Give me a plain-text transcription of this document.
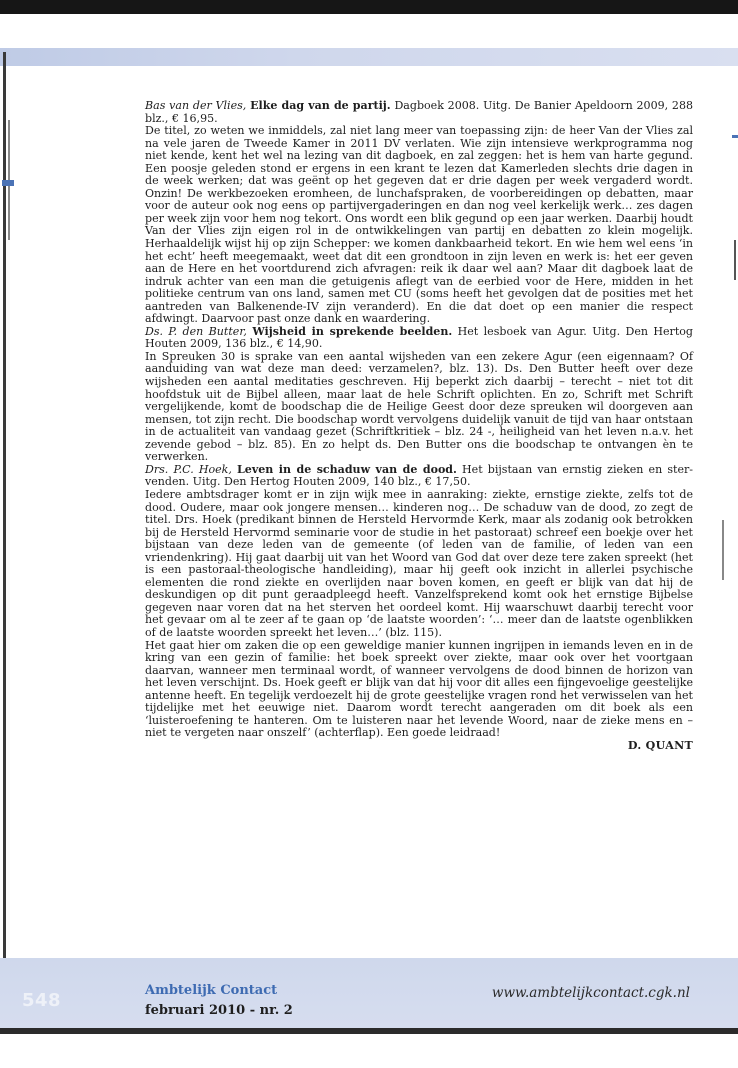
Bas van der Vlies, Elke dag van de partij. Dagboek 2008. Uitg. De Banier Apeldoorn 2009, 288 blz., € 16,95.

De titel, zo weten we inmiddels, zal niet lang meer van toepassing zijn: de heer Van der Vlies zal na vele jaren de Tweede Kamer in 2011 DV verlaten. Wie zijn intensieve werkprogramma nog niet kende, kent het wel na lezing van dit dagboek, en zal zeggen: het is hem van harte gegund. Een poosje geleden stond er ergens in een krant te lezen dat Kamerleden slechts drie dagen in de week werken; dat was geënt op het gegeven dat er drie dagen per week vergaderd wordt. Onzin! De werkbezoeken eromheen, de lunchafspraken, de voorbereidingen op debatten, maar voor de auteur ook nog eens op partijvergaderingen en dan nog veel kerkelijk werk… zes dagen per week zijn voor hem nog tekort. Ons wordt een blik gegund op een jaar werken. Daarbij houdt Van der Vlies zijn eigen rol in de ontwikkelingen van partij en debatten zo klein mogelijk. Herhaaldelijk wijst hij op zijn Schepper: we komen dankbaarheid tekort. En wie hem wel eens ‘in het echt’ heeft meegemaakt, weet dat dit een grondtoon in zijn leven en werk is: het eer geven aan de Here en het voortdurend zich afvragen: reik ik daar wel aan? Maar dit dagboek laat de indruk achter van een man die getuigenis aflegt van de eerbied voor de Here, midden in het politieke centrum van ons land, samen met CU (soms heeft het gevolgen dat de posities met het aantreden van Balkenende-IV zijn veranderd). En die dat doet op een manier die respect afdwingt. Daarvoor past onze dank en waardering.

Ds. P. den Butter, Wijsheid in sprekende beelden. Het lesboek van Agur. Uitg. Den Hertog Houten 2009, 136 blz., € 14,90.

In Spreuken 30 is sprake van een aantal wijsheden van een zekere Agur (een eigennaam? Of aanduiding van wat deze man deed: verzamelen?, blz. 13). Ds. Den Butter heeft over deze wijsheden een aantal meditaties geschreven. Hij beperkt zich daarbij – terecht – niet tot dit hoofdstuk uit de Bijbel alleen, maar laat de hele Schrift oplichten. En zo, Schrift met Schrift vergelijkende, komt de boodschap die de Heilige Geest door deze spreuken wil doorgeven aan mensen, tot zijn recht. Die boodschap wordt vervolgens duidelijk vanuit de tijd van haar ontstaan in de actualiteit van vandaag gezet (Schriftkritiek – blz. 24 -, heiligheid van het leven n.a.v. het zevende gebod – blz. 85). En zo helpt ds. Den Butter ons die boodschap te ontvangen èn te verwerken.

Drs. P.C. Hoek, Leven in de schaduw van de dood. Het bijstaan van ernstig zieken en stervenden. Uitg. Den Hertog Houten 2009, 140 blz., € 17,50.

Iedere ambtsdrager komt er in zijn wijk mee in aanraking: ziekte, ernstige ziekte, zelfs tot de dood. Oudere, maar ook jongere mensen… kinderen nog… De schaduw van de dood, zo zegt de titel. Drs. Hoek (predikant binnen de Hersteld Hervormde Kerk, maar als zodanig ook betrokken bij de Hersteld Hervormd seminarie voor de studie in het pastoraat) schreef een boekje over het bijstaan van deze leden van de gemeente (of leden van de familie, of leden van een vriendenkring). Hij gaat daarbij uit van het Woord van God dat over deze tere zaken spreekt (het is een pastoraal-theologische handleiding), maar hij geeft ook inzicht in allerlei psychische elementen die rond ziekte en overlijden naar boven komen, en geeft er blijk van dat hij de deskundigen op dit punt geraadpleegd heeft. Vanzelfsprekend komt ook het ernstige Bijbelse gegeven naar voren dat na het sterven het oordeel komt. Hij waarschuwt daarbij terecht voor het gevaar om al te zeer af te gaan op ‘de laatste woorden’: ‘… meer dan de laatste ogenblikken of de laatste woorden spreekt het leven…’ (blz. 115).

Het gaat hier om zaken die op een geweldige manier kunnen ingrijpen in iemands leven en in de kring van een gezin of familie: het boek spreekt over ziekte, maar ook over het voortgaan daarvan, wanneer men terminaal wordt, of wanneer vervolgens de dood binnen de horizon van het leven verschijnt. Ds. Hoek geeft er blijk van dat hij voor dit alles een fijngevoelige geestelijke antenne heeft. En tegelijk verdoezelt hij de grote geestelijke vragen rond het verwisselen van het tijdelijke met het eeuwige niet. Daarom wordt terecht aangeraden om dit boek als een ‘luisteroefening te hanteren. Om te luisteren naar het levende Woord, naar de zieke mens en – niet te vergeten naar onszelf’ (achterflap). Een goede leidraad!

D. QUANT

548	Ambtelijk Contact
februari 2010 - nr. 2
www.ambtelijkcontact.cgk.nl
